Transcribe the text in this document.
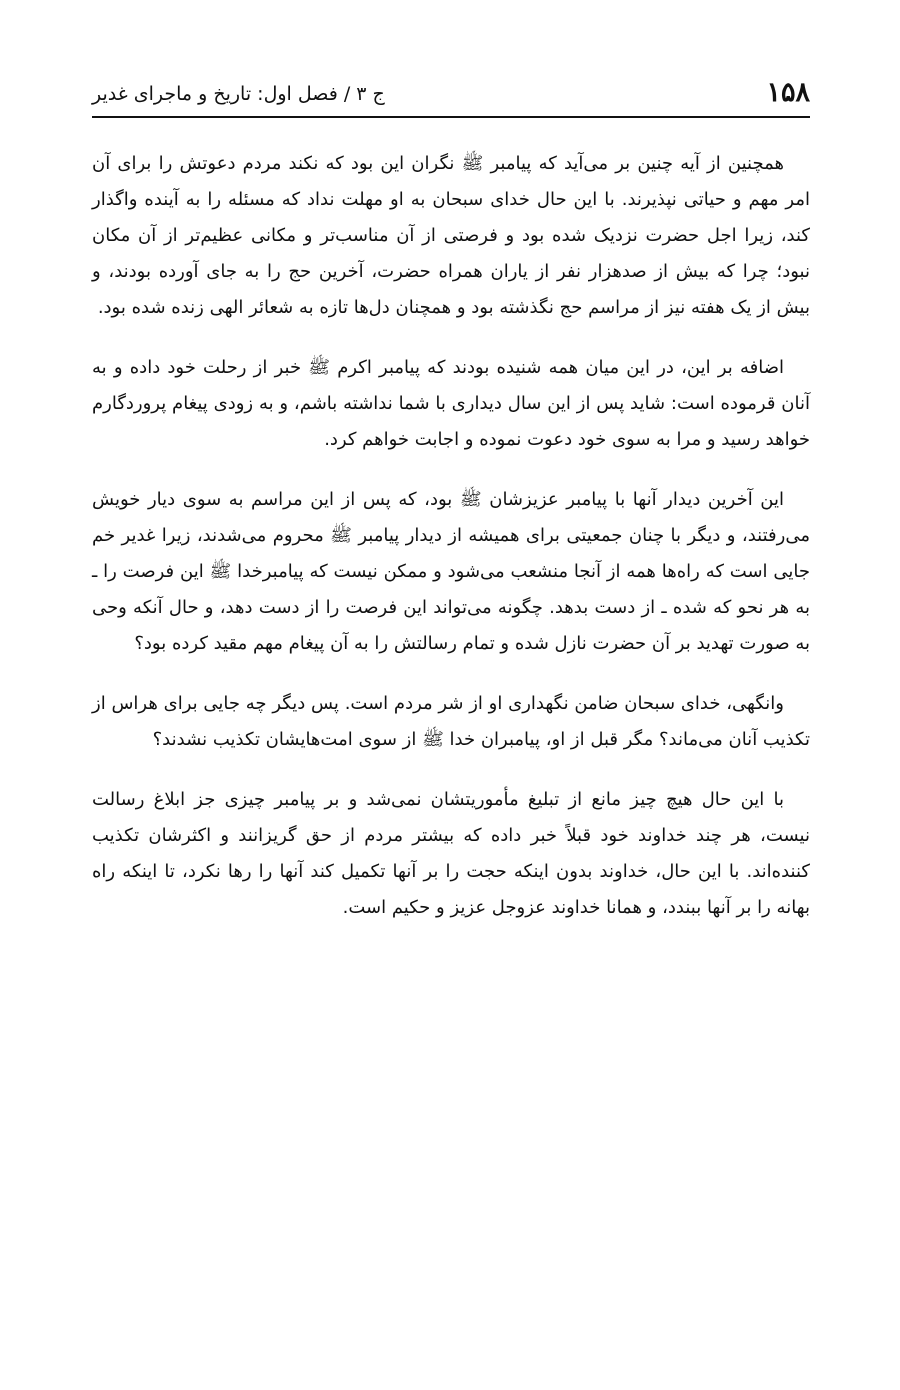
۱۵۸
ج ۳ / فصل اول: تاریخ و ماجرای غدیر

همچنین از آیه چنین بر می‌آید که پیامبر ﷺ نگران این بود که نکند مردم دعوتش را برای آن امر مهم و حیاتی نپذیرند. با این حال خدای سبحان به او مهلت نداد که مسئله را به آینده واگذار کند، زیرا اجل حضرت نزدیک شده بود و فرصتی از آن مناسب‌تر و مکانی عظیم‌تر از آن مکان نبود؛ چرا که بیش از صدهزار نفر از یاران همراه حضرت، آخرین حج را به جای آورده بودند، و بیش از یک هفته نیز از مراسم حج نگذشته بود و همچنان دل‌ها تازه به شعائر الهی زنده شده بود.

اضافه بر این، در این میان همه شنیده بودند که پیامبر اکرم ﷺ خبر از رحلت خود داده و به آنان قرموده است: شاید پس از این سال دیداری با شما نداشته باشم، و به زودی پیغام پروردگارم خواهد رسید و مرا به سوی خود دعوت نموده و اجابت خواهم کرد.

این آخرین دیدار آنها با پیامبر عزیزشان ﷺ بود، که پس از این مراسم به سوی دیار خویش می‌رفتند، و دیگر با چنان جمعیتی برای همیشه از دیدار پیامبر ﷺ محروم می‌شدند، زیرا غدیر خم جایی است که راه‌ها همه از آنجا منشعب می‌شود و ممکن نیست که پیامبرخدا ﷺ این فرصت را ـ به هر نحو که شده ـ از دست بدهد. چگونه می‌تواند این فرصت را از دست دهد، و حال آنکه وحی به صورت تهدید بر آن حضرت نازل شده و تمام رسالتش را به آن پیغام مهم مقید کرده بود؟

وانگهی، خدای سبحان ضامن نگهداری او از شر مردم است. پس دیگر چه جایی برای هراس از تکذیب آنان می‌ماند؟ مگر قبل از او، پیامبران خدا ﷺ از سوی امت‌هایشان تکذیب نشدند؟

با این حال هیچ چیز مانع از تبلیغ مأموریتشان نمی‌شد و بر پیامبر چیزی جز ابلاغ رسالت نیست، هر چند خداوند خود قبلاً خبر داده که بیشتر مردم از حق گریزانند و اکثرشان تکذیب کننده‌اند. با این حال، خداوند بدون اینکه حجت را بر آنها تکمیل کند آنها را رها نکرد، تا اینکه راه بهانه را بر آنها ببندد، و همانا خداوند عزوجل عزیز و حکیم است.
